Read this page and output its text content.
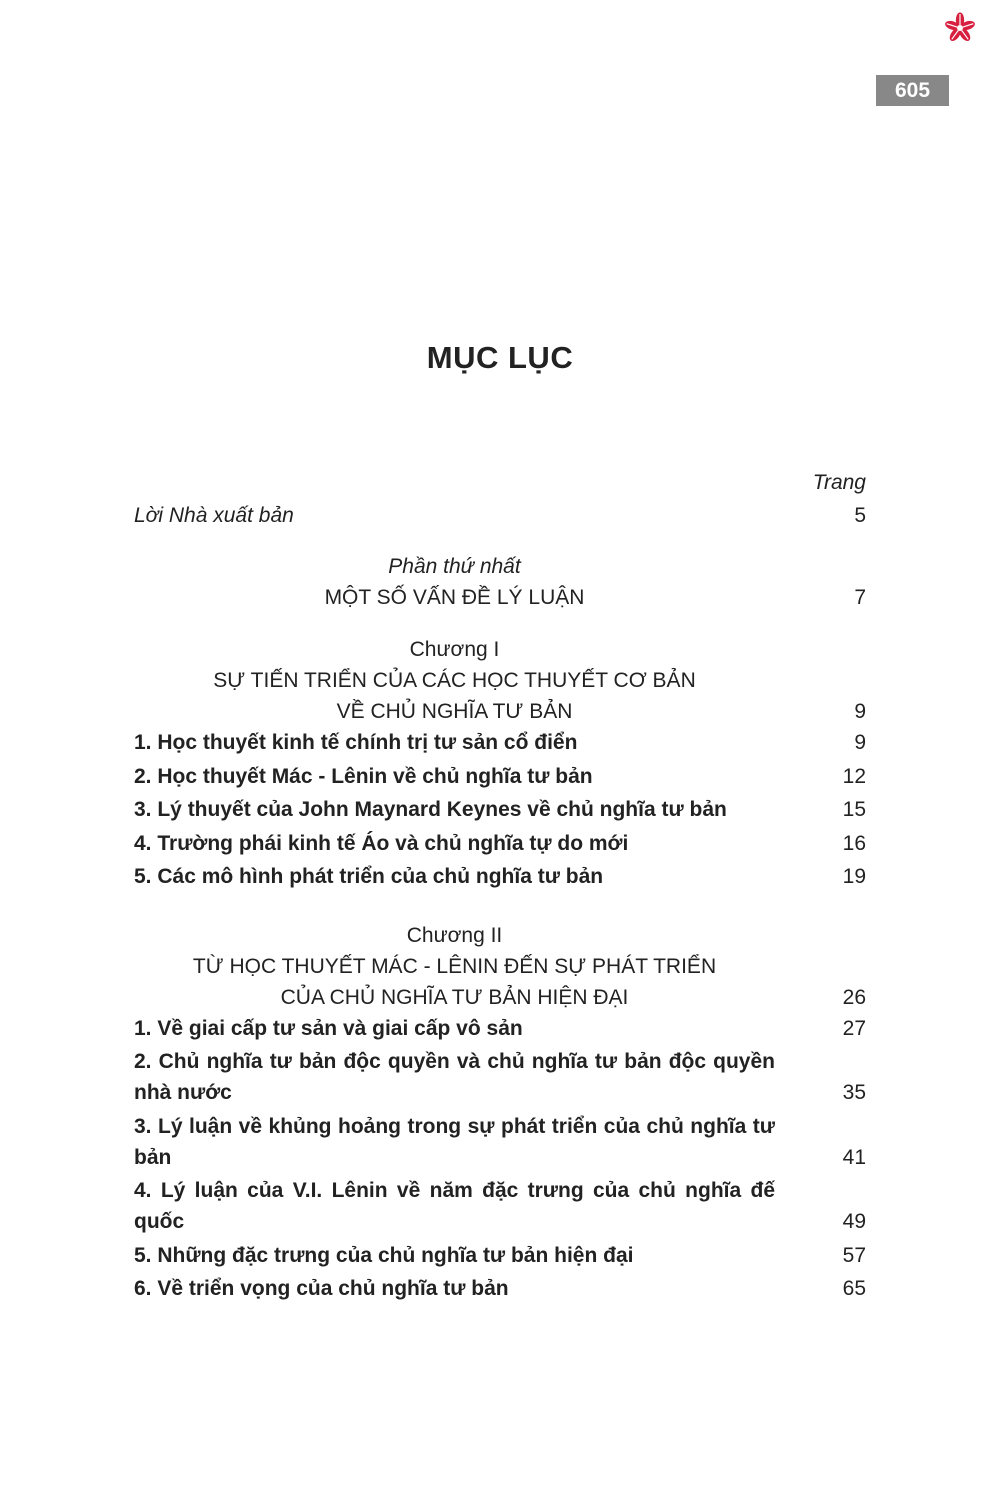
605
MỤC LỤC
Trang
Lời Nhà xuất bản	5
Phần thứ nhất
MỘT SỐ VẤN ĐỀ LÝ LUẬN	7
Chương I
SỰ TIẾN TRIỂN CỦA CÁC HỌC THUYẾT CƠ BẢN
VỀ CHỦ NGHĨA TƯ BẢN	9
1. Học thuyết kinh tế chính trị tư sản cổ điển	9
2. Học thuyết Mác - Lênin về chủ nghĩa tư bản	12
3. Lý thuyết của John Maynard Keynes về chủ nghĩa tư bản	15
4. Trường phái kinh tế Áo và chủ nghĩa tự do mới	16
5. Các mô hình phát triển của chủ nghĩa tư bản	19
Chương II
TỪ HỌC THUYẾT MÁC - LÊNIN ĐẾN SỰ PHÁT TRIỂN
CỦA CHỦ NGHĨA TƯ BẢN HIỆN ĐẠI	26
1. Về giai cấp tư sản và giai cấp vô sản	27
2. Chủ nghĩa tư bản độc quyền và chủ nghĩa tư bản độc quyền nhà nước	35
3. Lý luận về khủng hoảng trong sự phát triển của chủ nghĩa tư bản	41
4. Lý luận của V.I. Lênin về năm đặc trưng của chủ nghĩa đế quốc	49
5. Những đặc trưng của chủ nghĩa tư bản hiện đại	57
6. Về triển vọng của chủ nghĩa tư bản	65
